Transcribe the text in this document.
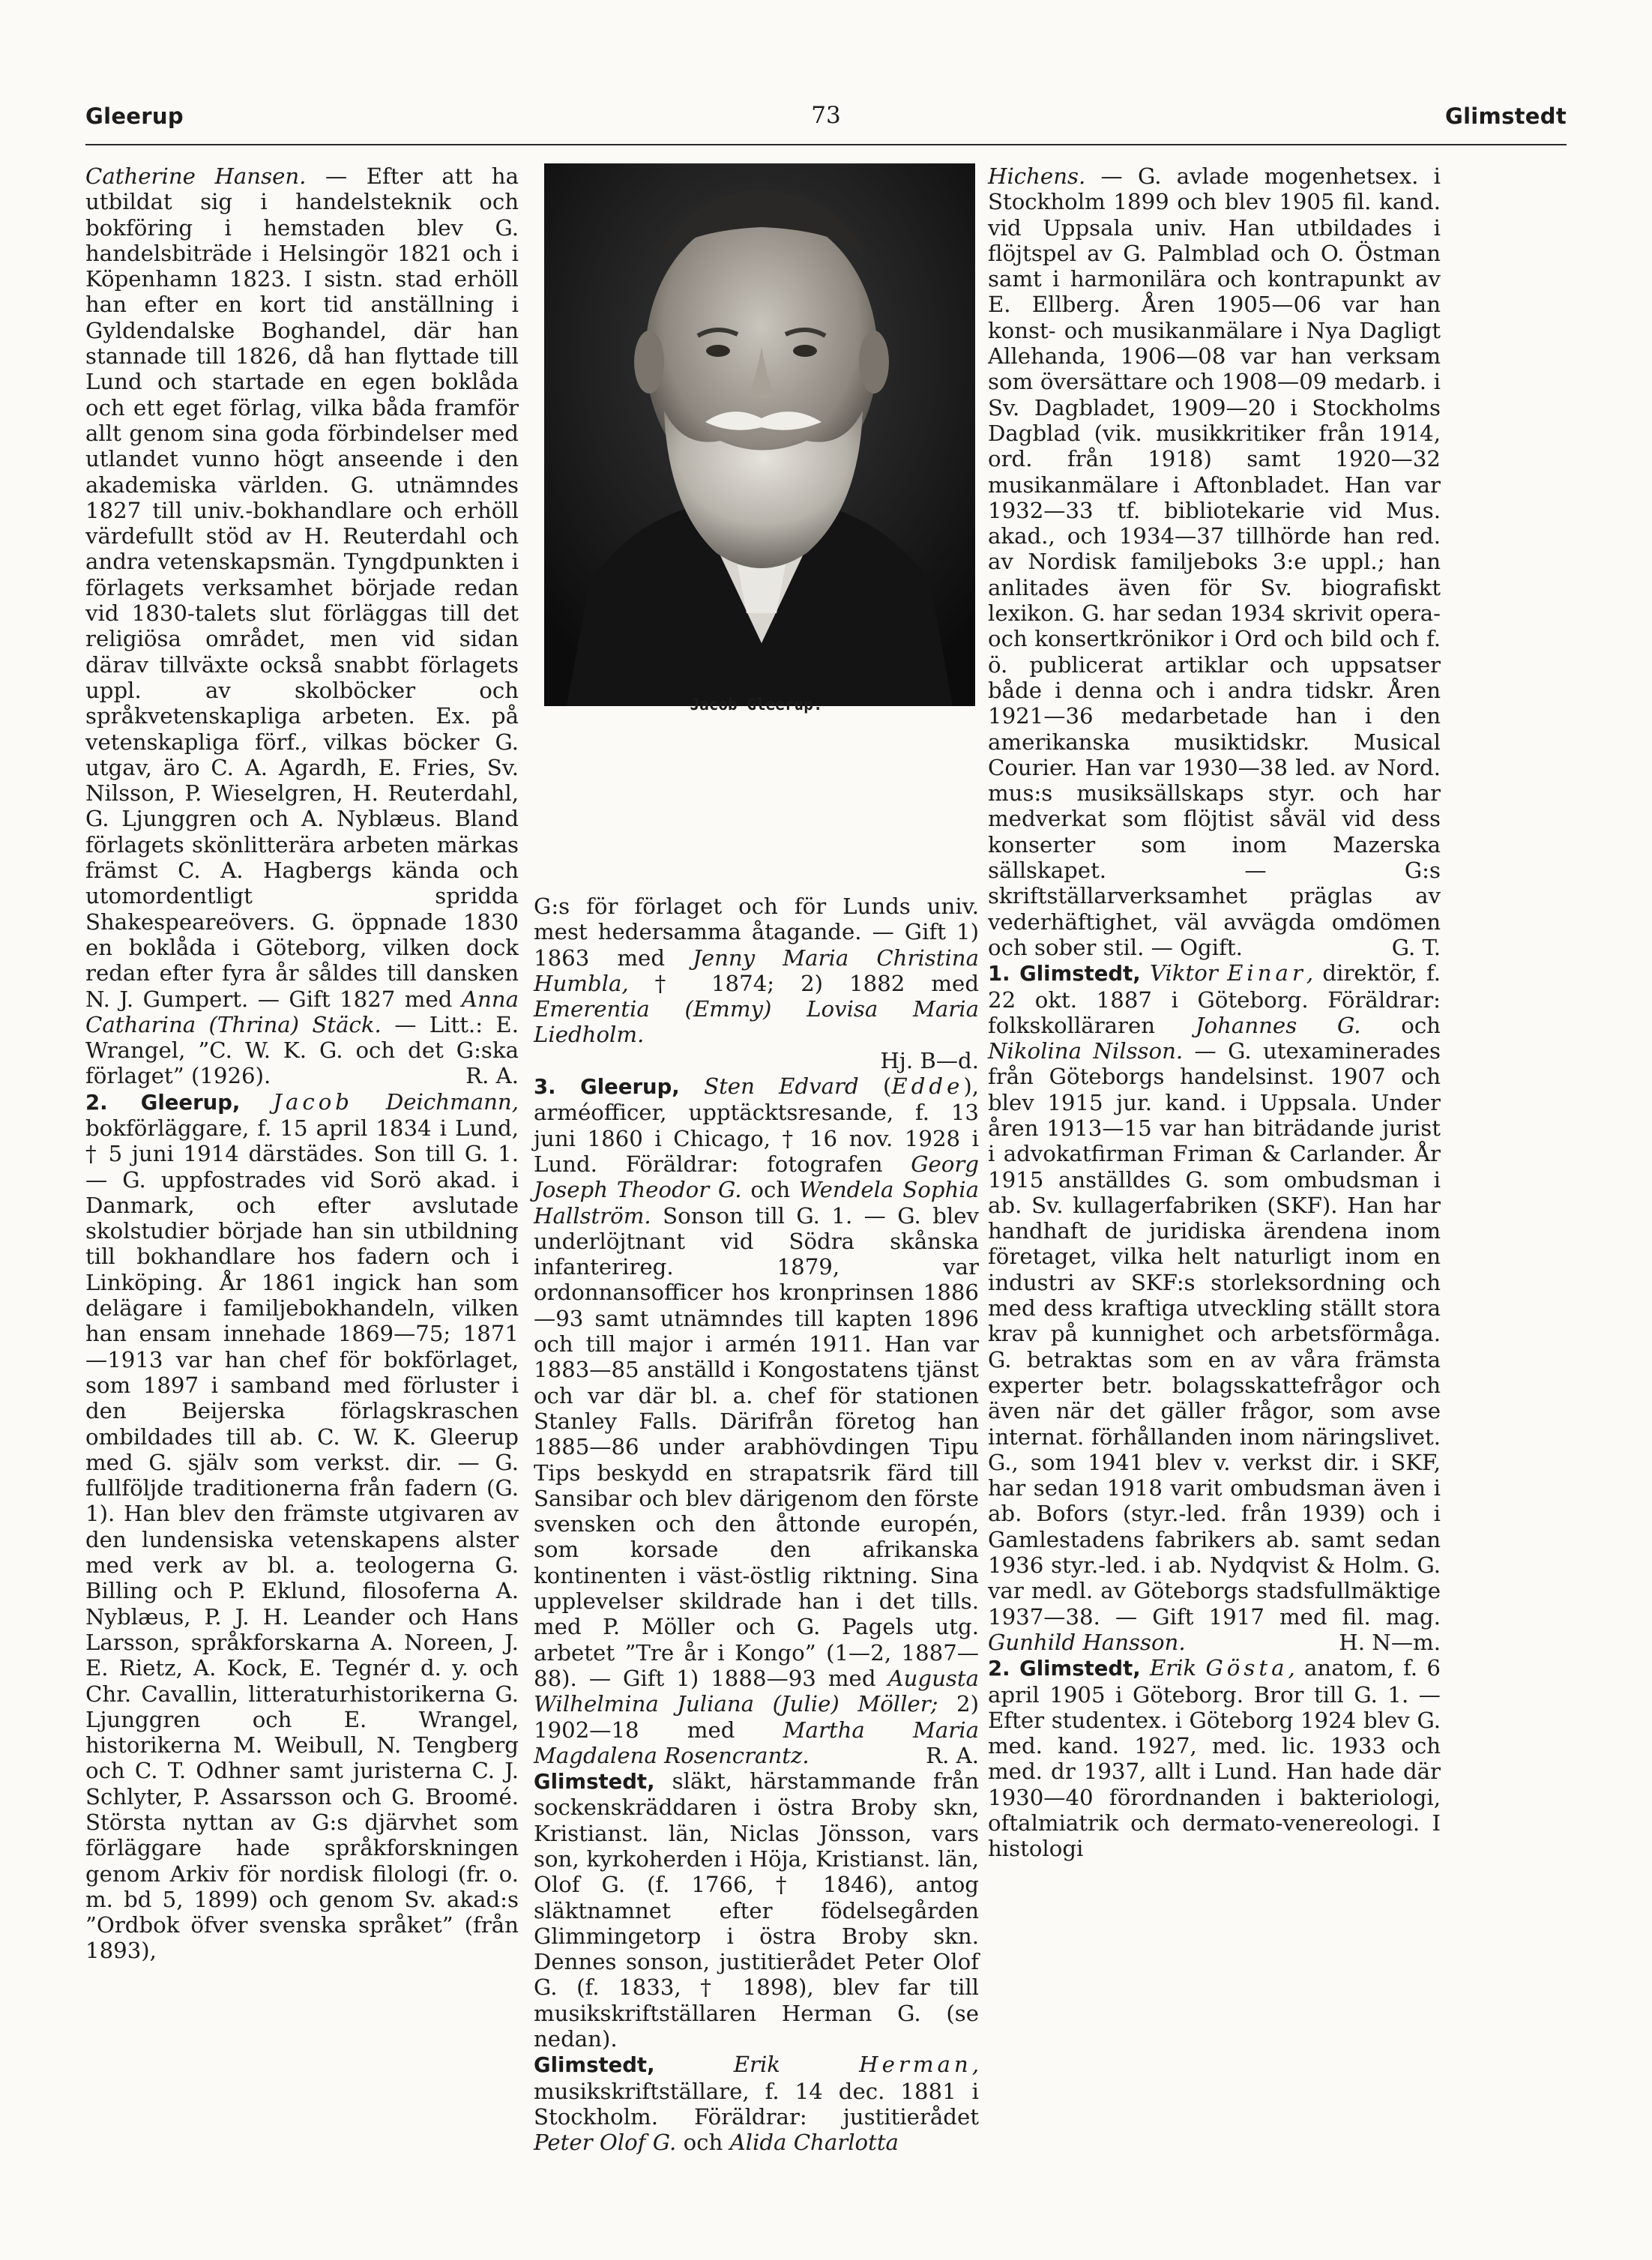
Gleerup	73	Glimstedt

Catherine Hansen. — Efter att ha utbildat sig i handelsteknik och bokföring i hemstaden blev G. handelsbiträde i Helsingör 1821 och i Köpenhamn 1823. I sistn. stad erhöll han efter en kort tid anställning i Gyldendalske Boghandel, där han stannade till 1826, då han flyttade till Lund och startade en egen boklåda och ett eget förlag, vilka båda framför allt genom sina goda förbindelser med utlandet vunno högt anseende i den akademiska världen. G. utnämndes 1827 till univ.-bokhandlare och erhöll värdefullt stöd av H. Reuterdahl och andra vetenskapsmän. Tyngdpunkten i förlagets verksamhet började redan vid 1830-talets slut förläggas till det religiösa området, men vid sidan därav tillväxte också snabbt förlagets uppl. av skolböcker och språkvetenskapliga arbeten. Ex. på vetenskapliga förf., vilkas böcker G. utgav, äro C. A. Agardh, E. Fries, Sv. Nilsson, P. Wieselgren, H. Reuterdahl, G. Ljunggren och A. Nyblæus. Bland förlagets skönlitterära arbeten märkas främst C. A. Hagbergs kända och utomordentligt spridda Shakespeareövers. G. öppnade 1830 en boklåda i Göteborg, vilken dock redan efter fyra år såldes till dansken N. J. Gumpert. — Gift 1827 med Anna Catharina (Thrina) Stäck. — Litt.: E. Wrangel, ”C. W. K. G. och det G:ska förlaget” (1926).	R. A.

2. Gleerup, Jacob Deichmann, bokförläggare, f. 15 april 1834 i Lund, † 5 juni 1914 därstädes. Son till G. 1. — G. uppfostrades vid Sorö akad. i Danmark, och efter avslutade skolstudier började han sin utbildning till bokhandlare hos fadern och i Linköping. År 1861 ingick han som delägare i familjebokhandeln, vilken han ensam innehade 1869—75; 1871—1913 var han chef för bokförlaget, som 1897 i samband med förluster i den Beijerska förlagskraschen ombildades till ab. C. W. K. Gleerup med G. själv som verkst. dir. — G. fullföljde traditionerna från fadern (G. 1). Han blev den främste utgivaren av den lundensiska vetenskapens alster med verk av bl. a. teologerna G. Billing och P. Eklund, filosoferna A. Nyblæus, P. J. H. Leander och Hans Larsson, språkforskarna A. Noreen, J. E. Rietz, A. Kock, E. Tegnér d. y. och Chr. Cavallin, litteraturhistorikerna G. Ljunggren och E. Wrangel, historikerna M. Weibull, N. Tengberg och C. T. Odhner samt juristerna C. J. Schlyter, P. Assarsson och G. Broomé. Största nyttan av G:s djärvhet som förläggare hade språkforskningen genom Arkiv för nordisk filologi (fr. o. m. bd 5, 1899) och genom Sv. akad:s ”Ordbok öfver svenska språket” (från 1893),

Jacob Gleerup.

G:s för förlaget och för Lunds univ. mest hedersamma åtagande. — Gift 1) 1863 med Jenny Maria Christina Humbla, † 1874; 2) 1882 med Emerentia (Emmy) Lovisa Maria Liedholm.
Hj. B—d.

3. Gleerup, Sten Edvard (Edde), arméofficer, upptäcktsresande, f. 13 juni 1860 i Chicago, † 16 nov. 1928 i Lund. Föräldrar: fotografen Georg Joseph Theodor G. och Wendela Sophia Hallström. Sonson till G. 1. — G. blev underlöjtnant vid Södra skånska infanterireg. 1879, var ordonnansofficer hos kronprinsen 1886—93 samt utnämndes till kapten 1896 och till major i armén 1911. Han var 1883—85 anställd i Kongostatens tjänst och var där bl. a. chef för stationen Stanley Falls. Därifrån företog han 1885—86 under arabhövdingen Tipu Tips beskydd en strapatsrik färd till Sansibar och blev därigenom den förste svensken och den åttonde europén, som korsade den afrikanska kontinenten i väst-östlig riktning. Sina upplevelser skildrade han i det tills. med P. Möller och G. Pagels utg. arbetet ”Tre år i Kongo” (1—2, 1887—88). — Gift 1) 1888—93 med Augusta Wilhelmina Juliana (Julie) Möller; 2) 1902—18 med Martha Maria Magdalena Rosencrantz.	R. A.

Glimstedt, släkt, härstammande från sockenskräddaren i östra Broby skn, Kristianst. län, Niclas Jönsson, vars son, kyrkoherden i Höja, Kristianst. län, Olof G. (f. 1766, † 1846), antog släktnamnet efter födelsegården Glimmingetorp i östra Broby skn. Dennes sonson, justitierådet Peter Olof G. (f. 1833, † 1898), blev far till musikskriftställaren Herman G. (se nedan).

Glimstedt,	Erik Herman, musikskriftställare, f. 14 dec. 1881 i Stockholm. Föräldrar: justitierådet Peter Olof G. och Alida Charlotta

Hichens. — G. avlade mogenhetsex. i Stockholm 1899 och blev 1905 fil. kand. vid Uppsala univ. Han utbildades i flöjtspel av G. Palmblad och O. Östman samt i harmonilära och kontrapunkt av E. Ellberg. Åren 1905—06 var han konst- och musikanmälare i Nya Dagligt Allehanda, 1906—08 var han verksam som översättare och 1908—09 medarb. i Sv. Dagbladet, 1909—20 i Stockholms Dagblad (vik. musikkritiker från 1914, ord. från 1918) samt 1920—32 musikanmälare i Aftonbladet. Han var 1932—33 tf. bibliotekarie vid Mus. akad., och 1934—37 tillhörde han red. av Nordisk familjeboks 3:e uppl.; han anlitades även för Sv. biografiskt lexikon. G. har sedan 1934 skrivit opera- och konsertkrönikor i Ord och bild och f. ö. publicerat artiklar och uppsatser både i denna och i andra tidskr. Åren 1921—36 medarbetade han i den amerikanska musiktidskr. Musical Courier. Han var 1930—38 led. av Nord. mus:s musiksällskaps styr. och har medverkat som flöjtist såväl vid dess konserter som inom Mazerska sällskapet. — G:s skriftställarverksamhet präglas av vederhäftighet, väl avvägda omdömen och sober stil. — Ogift.	G. T.

1. Glimstedt, Viktor Einar, direktör, f. 22 okt. 1887 i Göteborg. Föräldrar: folkskolläraren Johannes G. och Nikolina Nilsson. — G. utexaminerades från Göteborgs handelsinst. 1907 och blev 1915 jur. kand. i Uppsala. Under åren 1913—15 var han biträdande jurist i advokatfirman Friman & Carlander. År 1915 anställdes G. som ombudsman i ab. Sv. kullagerfabriken (SKF). Han har handhaft de juridiska ärendena inom företaget, vilka helt naturligt inom en industri av SKF:s storleksordning och med dess kraftiga utveckling ställt stora krav på kunnighet och arbetsförmåga. G. betraktas som en av våra främsta experter betr. bolagsskattefrågor och även när det gäller frågor, som avse internat. förhållanden inom näringslivet. G., som 1941 blev v. verkst dir. i SKF, har sedan 1918 varit ombudsman även i ab. Bofors (styr.-led. från 1939) och i Gamlestadens fabrikers ab. samt sedan 1936 styr.-led. i ab. Nydqvist & Holm. G. var medl. av Göteborgs stadsfullmäktige 1937—38. — Gift 1917 med fil. mag. Gunhild Hansson.	H. N—m.

2. Glimstedt, Erik Gösta, anatom, f. 6 april 1905 i Göteborg. Bror till G. 1. — Efter studentex. i Göteborg 1924 blev G. med. kand. 1927, med. lic. 1933 och med. dr 1937, allt i Lund. Han hade där 1930—40 förordnanden i bakteriologi, oftalmiatrik och dermato-venereologi. I histologi
